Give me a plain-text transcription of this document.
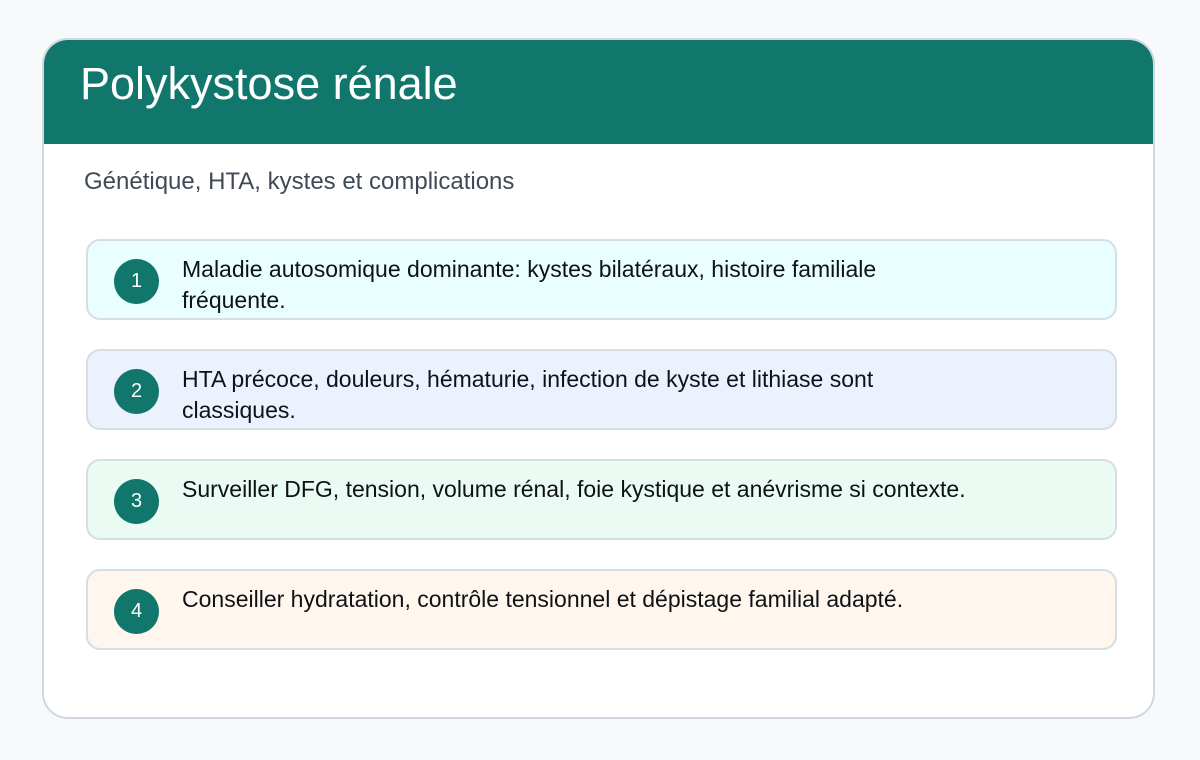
Polykystose rénale

Génétique, HTA, kystes et complications

1	Maladie autosomique dominante: kystes bilatéraux, histoire familiale fréquente.
2	HTA précoce, douleurs, hématurie, infection de kyste et lithiase sont classiques.
3	Surveiller DFG, tension, volume rénal, foie kystique et anévrisme si contexte.
4	Conseiller hydratation, contrôle tensionnel et dépistage familial adapté.
